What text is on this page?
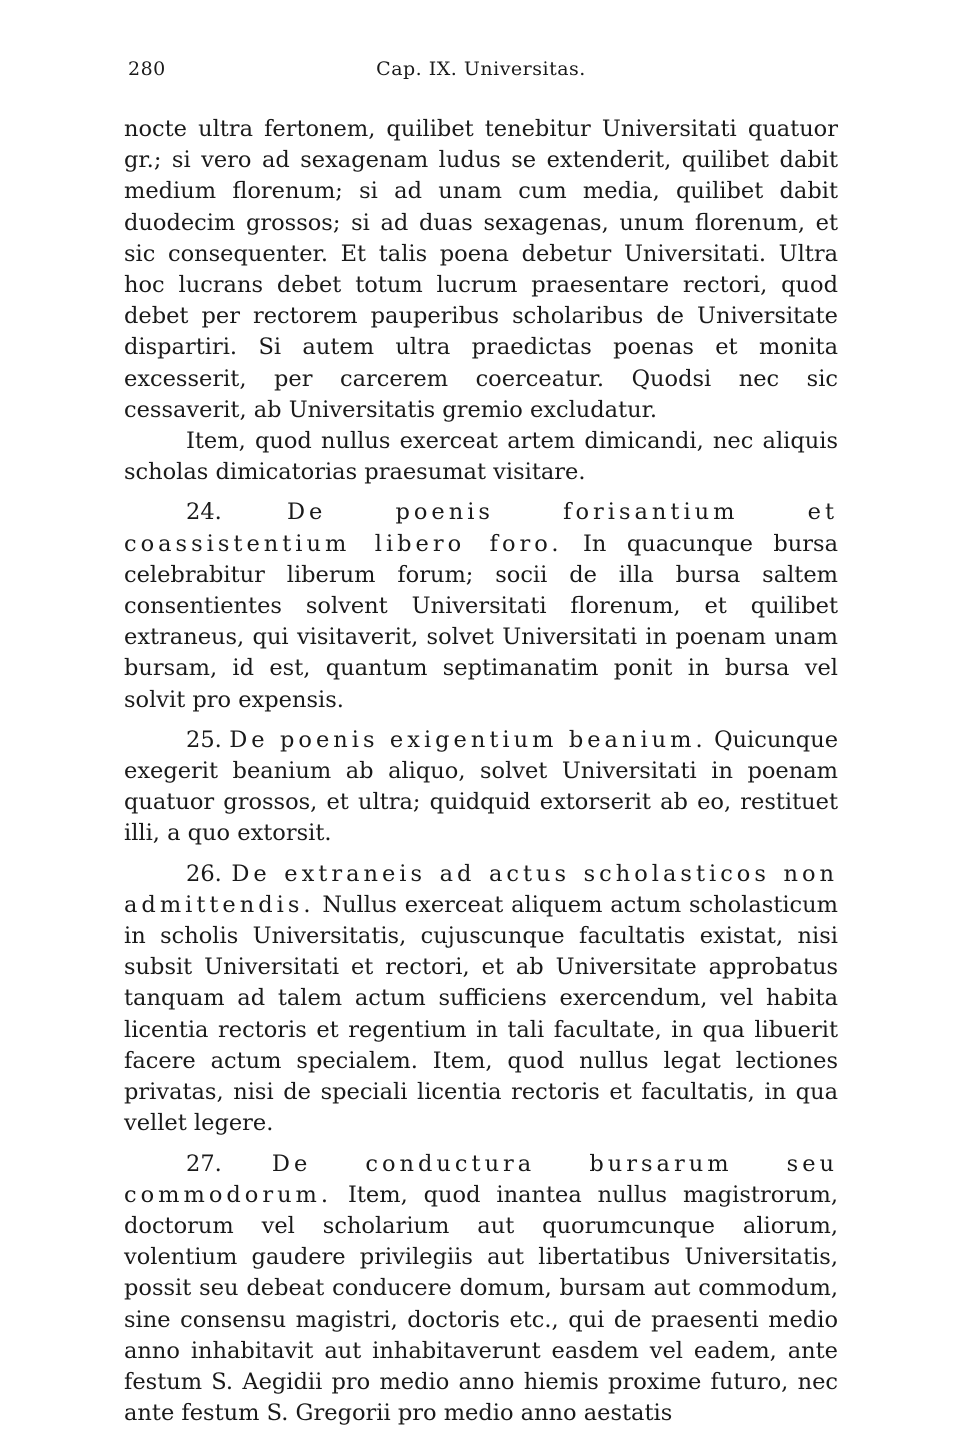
280	Cap. IX. Universitas.

nocte ultra fertonem, quilibet tenebitur Universitati quatuor gr.; si vero ad sexagenam ludus se extenderit, quilibet dabit medium florenum; si ad unam cum media, quilibet dabit duodecim grossos; si ad duas sexagenas, unum florenum, et sic consequenter. Et talis poena debetur Universitati. Ultra hoc lucrans debet totum lucrum praesentare rectori, quod debet per rectorem pauperibus scholaribus de Universitate dispartiri. Si autem ultra praedictas poenas et monita excesserit, per carcerem coerceatur. Quodsi nec sic cessaverit, ab Universitatis gremio excludatur.

Item, quod nullus exerceat artem dimicandi, nec aliquis scholas dimicatorias praesumat visitare.

24.	De poenis forisantium et coassistentium libero foro. In quacunque bursa celebrabitur liberum forum; socii de illa bursa saltem consentientes solvent Universitati florenum, et quilibet extraneus, qui visitaverit, solvet Universitati in poenam unam bursam, id est, quantum septimanatim ponit in bursa vel solvit pro expensis.

25. De poenis exigentium beanium. Quicunque exegerit beanium ab aliquo, solvet Universitati in poenam quatuor grossos, et ultra; quidquid extorserit ab eo, restituet illi, a quo extorsit.

26. De extraneis ad actus scholasticos non admittendis. Nullus exerceat aliquem actum scholasticum in scholis Universitatis, cujuscunque facultatis existat, nisi subsit Universitati et rectori, et ab Universitate approbatus tanquam ad talem actum sufficiens exercendum, vel habita licentia rectoris et regentium in tali facultate, in qua libuerit facere actum specialem. Item, quod nullus legat lectiones privatas, nisi de speciali licentia rectoris et facultatis, in qua vellet legere.

27. De conductura bursarum seu commodorum. Item, quod inantea nullus magistrorum, doctorum vel scholarium aut quorumcunque aliorum, volentium gaudere privilegiis aut libertatibus Universitatis, possit seu debeat conducere domum, bursam aut commodum, sine consensu magistri, doctoris etc., qui de praesenti medio anno inhabitavit aut inhabitaverunt easdem vel eadem, ante festum S. Aegidii pro medio anno hiemis proxime futuro, nec ante festum S. Gregorii pro medio anno aestatis
